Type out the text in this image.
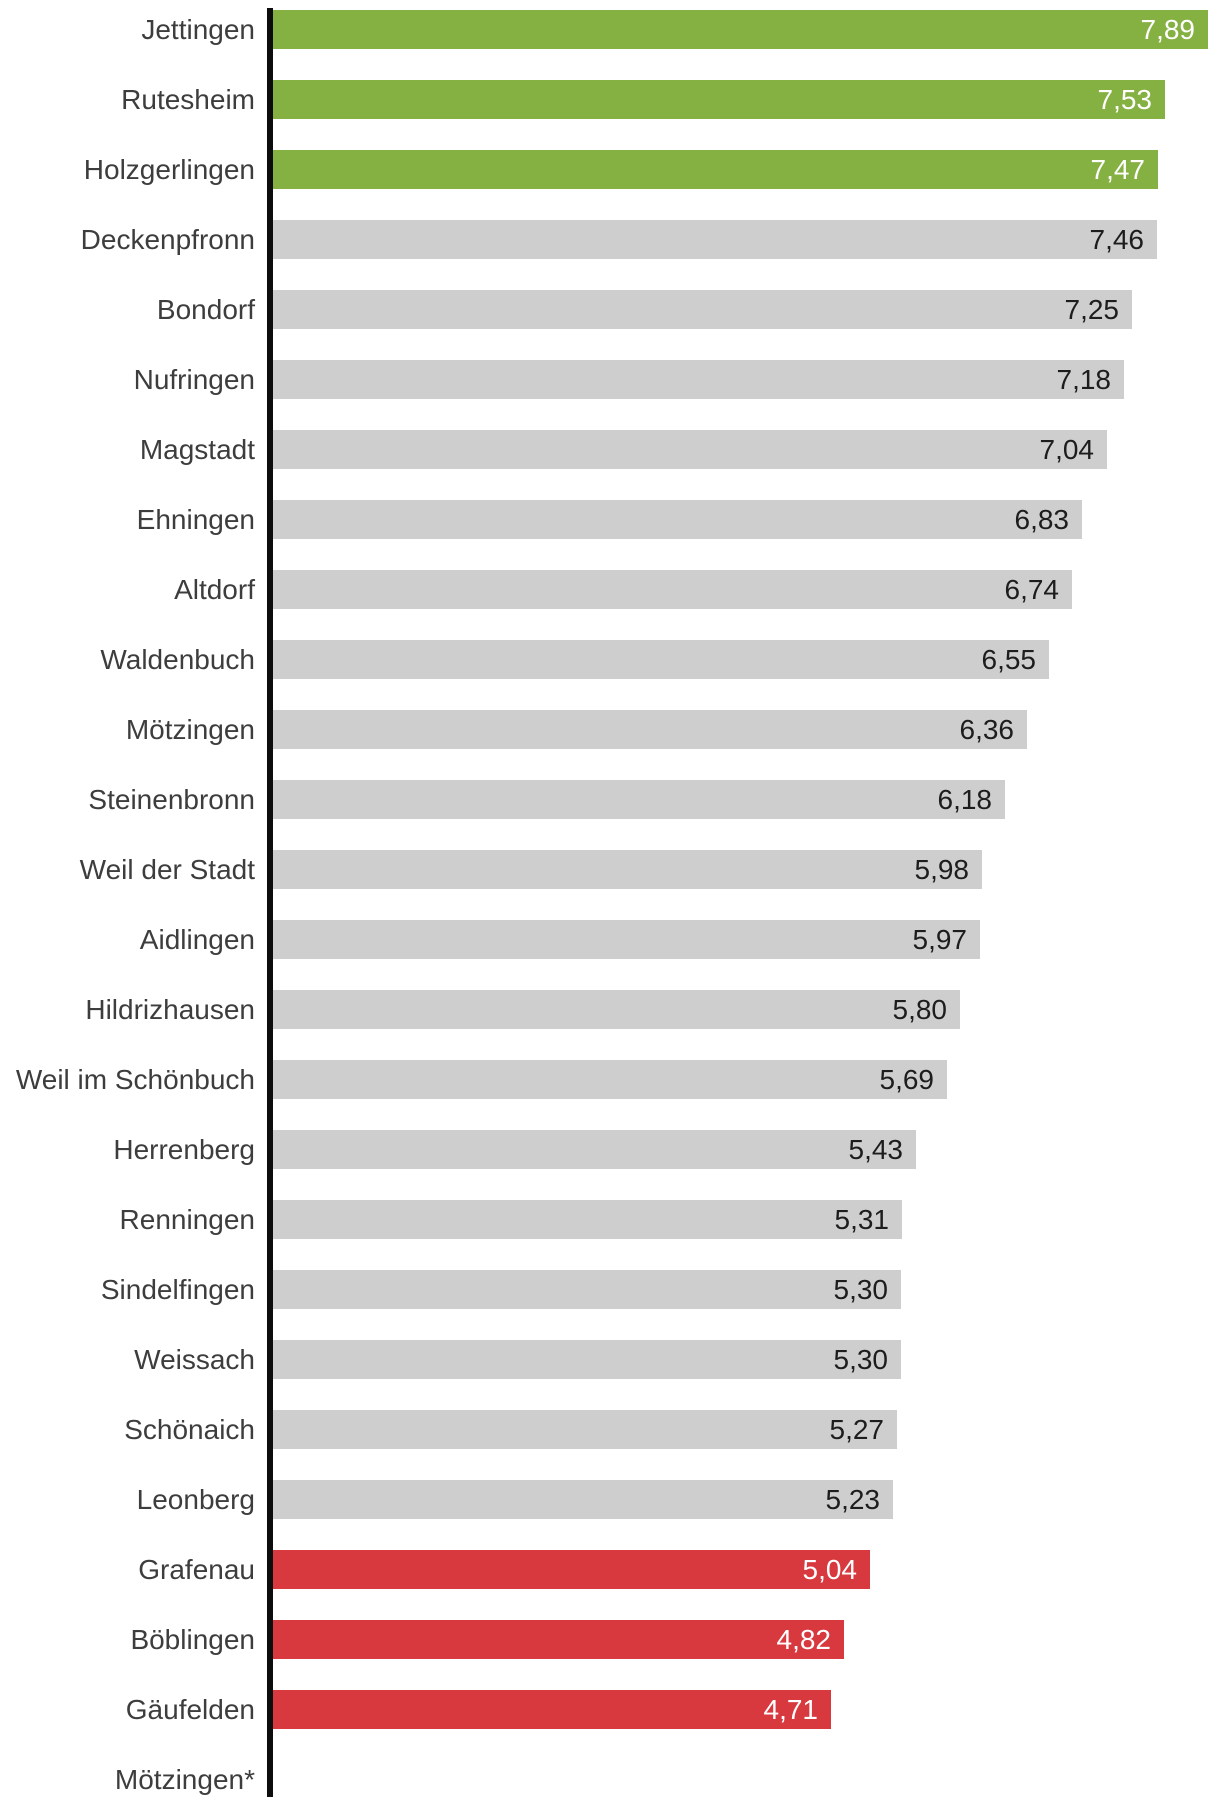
Jettingen	7,89
Rutesheim	7,53
Holzgerlingen	7,47
Deckenpfronn	7,46
Bondorf	7,25
Nufringen	7,18
Magstadt	7,04
Ehningen	6,83
Altdorf	6,74
Waldenbuch	6,55
Mötzingen	6,36
Steinenbronn	6,18
Weil der Stadt	5,98
Aidlingen	5,97
Hildrizhausen	5,80
Weil im Schönbuch	5,69
Herrenberg	5,43
Renningen	5,31
Sindelfingen	5,30
Weissach	5,30
Schönaich	5,27
Leonberg	5,23
Grafenau	5,04
Böblingen	4,82
Gäufelden	4,71
Mötzingen*
